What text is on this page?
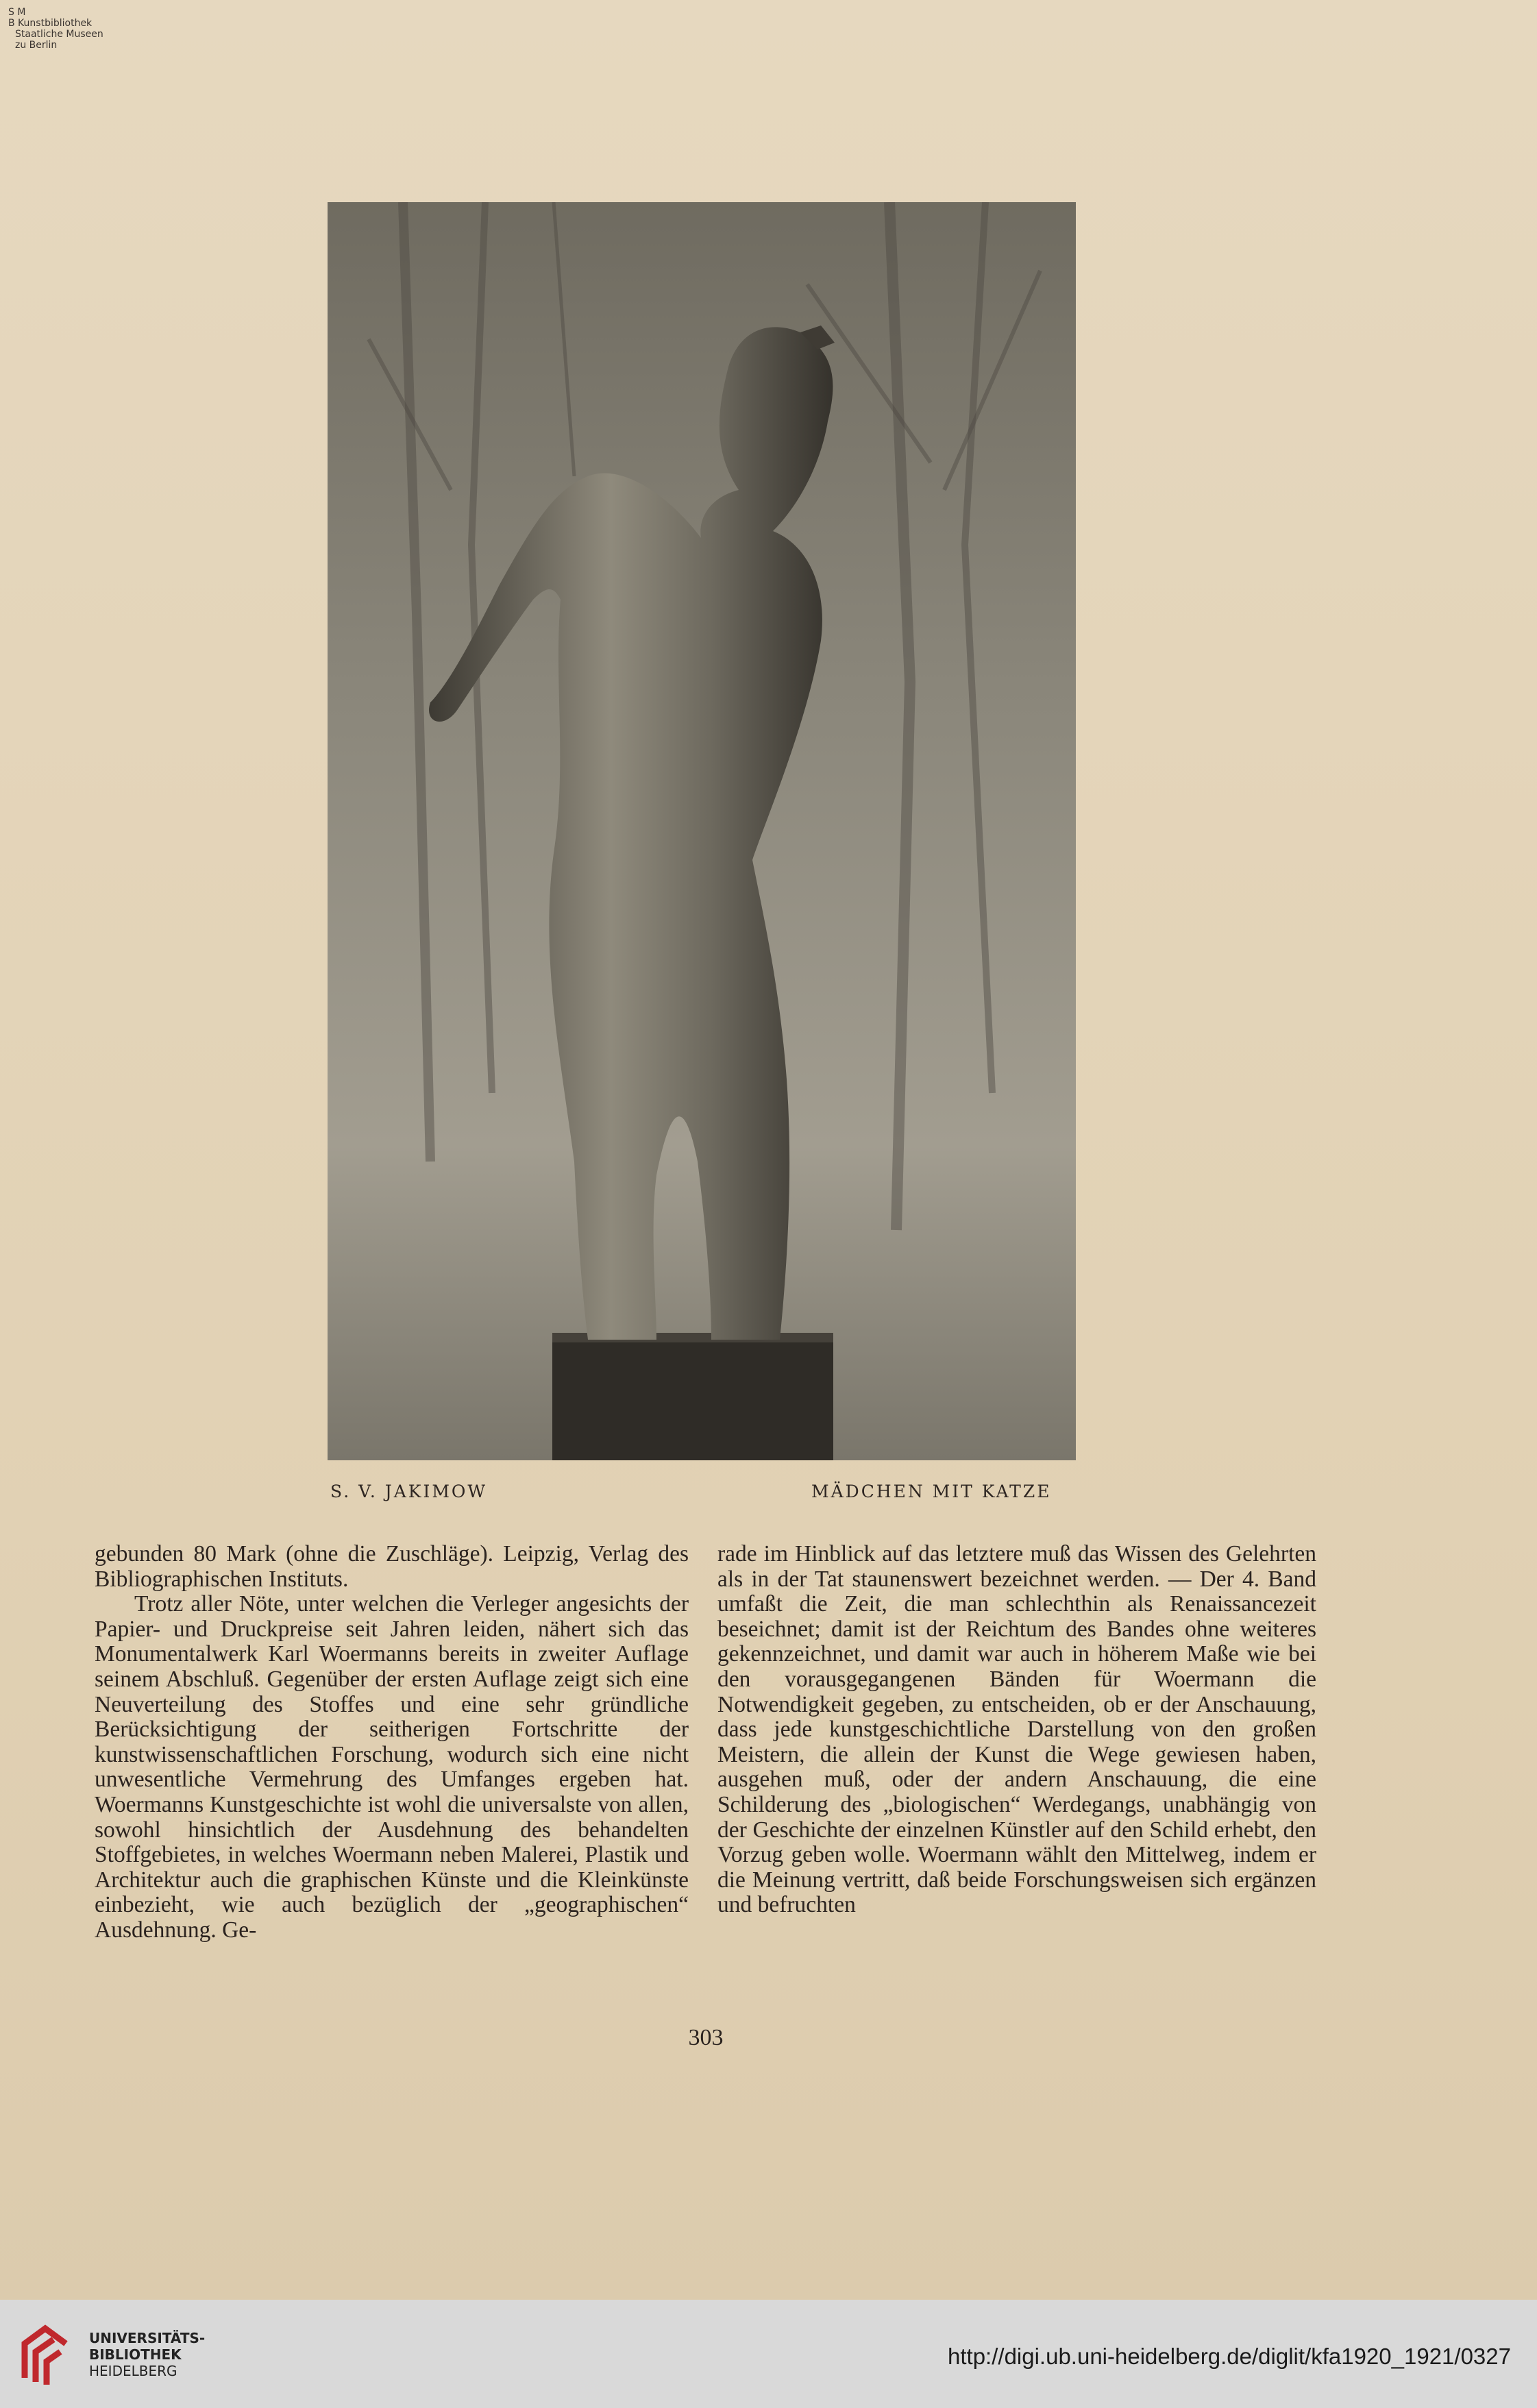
S M
B Kunstbibliothek
Staatliche Museen
zu Berlin
S. V. JAKIMOW	MÄDCHEN MIT KATZE

gebunden 80 Mark (ohne die Zuschläge). Leipzig, Verlag des Bibliographischen Instituts.

Trotz aller Nöte, unter welchen die Verleger angesichts der Papier- und Druckpreise seit Jahren leiden, nähert sich das Monumentalwerk Karl Woermanns bereits in zweiter Auflage seinem Abschluß. Gegenüber der ersten Auflage zeigt sich eine Neuverteilung des Stoffes und eine sehr gründliche Berücksichtigung der seitherigen Fortschritte der kunstwissenschaftlichen Forschung, wodurch sich eine nicht unwesentliche Vermehrung des Umfanges ergeben hat. Woermanns Kunstgeschichte ist wohl die universalste von allen, sowohl hinsichtlich der Ausdehnung des behandelten Stoffgebietes, in welches Woermann neben Malerei, Plastik und Architektur auch die graphischen Künste und die Kleinkünste einbezieht, wie auch bezüglich der „geographischen“ Ausdehnung. Ge-

rade im Hinblick auf das letztere muß das Wissen des Gelehrten als in der Tat staunenswert bezeichnet werden. — Der 4. Band umfaßt die Zeit, die man schlechthin als Renaissancezeit beseichnet; damit ist der Reichtum des Bandes ohne weiteres gekennzeichnet, und damit war auch in höherem Maße wie bei den vorausgegangenen Bänden für Woermann die Notwendigkeit gegeben, zu entscheiden, ob er der Anschauung, dass jede kunstgeschichtliche Darstellung von den großen Meistern, die allein der Kunst die Wege gewiesen haben, ausgehen muß, oder der andern Anschauung, die eine Schilderung des „biologischen“ Werdegangs, unabhängig von der Geschichte der einzelnen Künstler auf den Schild erhebt, den Vorzug geben wolle. Woermann wählt den Mittelweg, indem er die Meinung vertritt, daß beide Forschungsweisen sich ergänzen und befruchten

303
UNIVERSITÄTS-
BIBLIOTHEK
HEIDELBERG
http://digi.ub.uni-heidelberg.de/diglit/kfa1920_1921/0327
